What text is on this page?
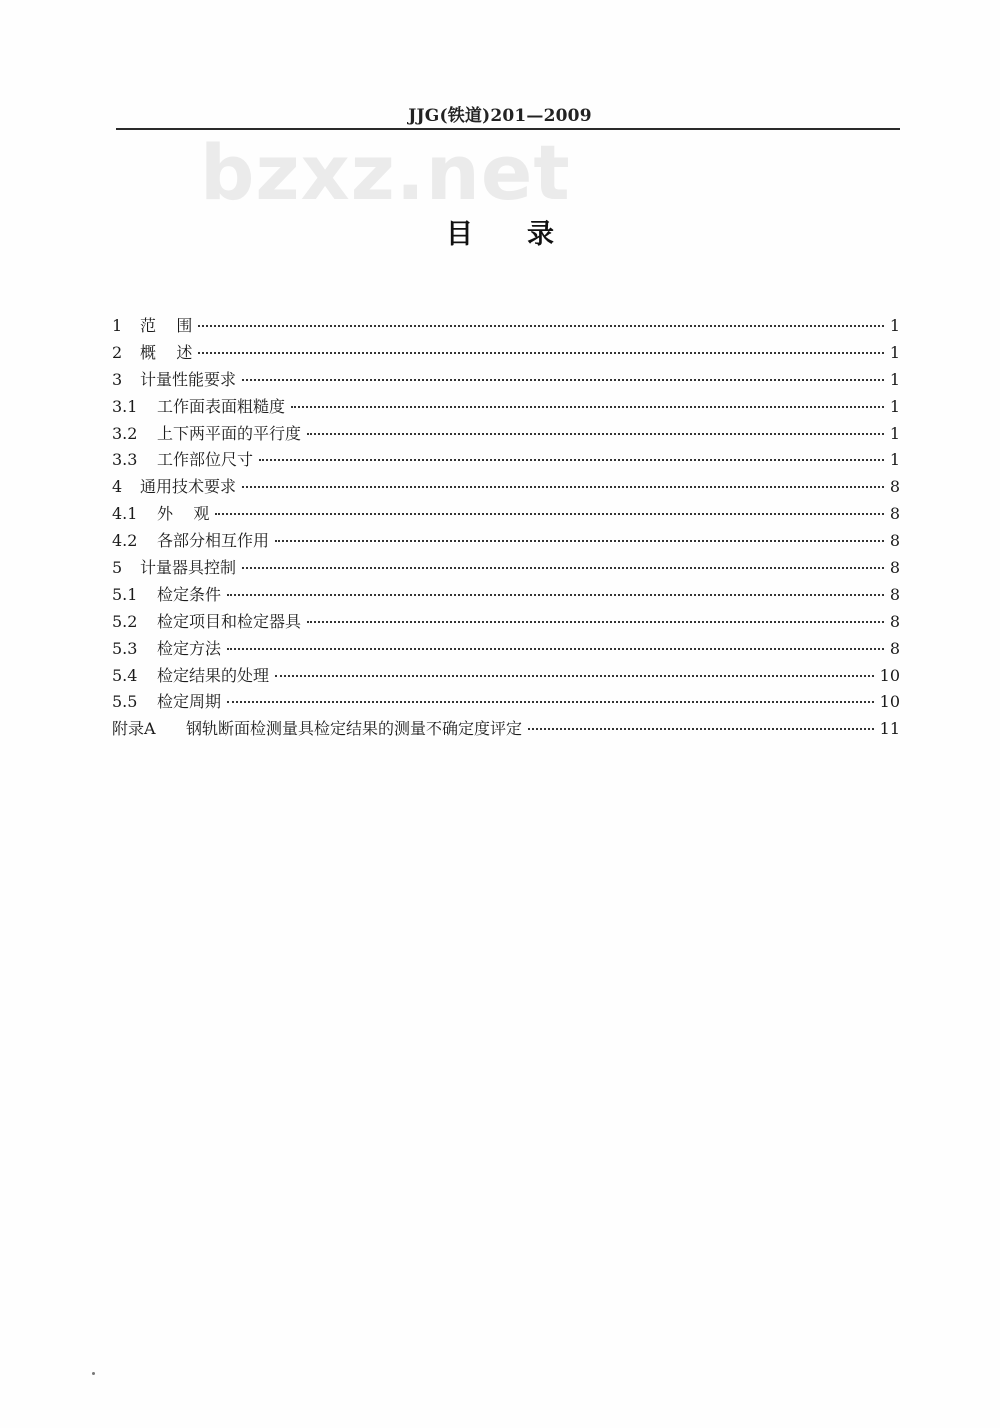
JJG(铁道)201—2009
bzxz.net
目录
1	范    围	1
2	概    述	1
3	计量性能要求	1
3.1	工作面表面粗糙度	1
3.2	上下两平面的平行度	1
3.3	工作部位尺寸	1
4	通用技术要求	8
4.1	外    观	8
4.2	各部分相互作用	8
5	计量器具控制	8
5.1	检定条件	8
5.2	检定项目和检定器具	8
5.3	检定方法	8
5.4	检定结果的处理	10
5.5	检定周期	10
附录A	钢轨断面检测量具检定结果的测量不确定度评定	11
